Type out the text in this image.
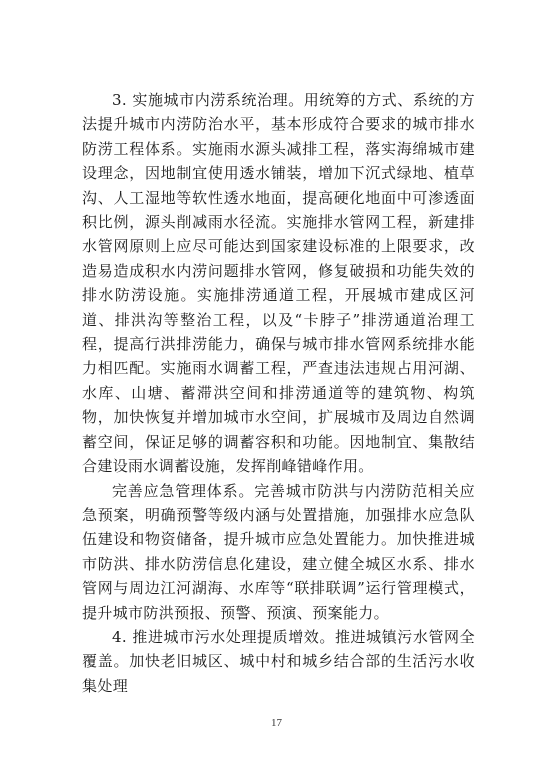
3. 实施城市内涝系统治理。用统筹的方式、系统的方法提升城市内涝防治水平，基本形成符合要求的城市排水防涝工程体系。实施雨水源头减排工程，落实海绵城市建设理念，因地制宜使用透水铺装，增加下沉式绿地、植草沟、人工湿地等软性透水地面，提高硬化地面中可渗透面积比例，源头削减雨水径流。实施排水管网工程，新建排水管网原则上应尽可能达到国家建设标准的上限要求，改造易造成积水内涝问题排水管网，修复破损和功能失效的排水防涝设施。实施排涝通道工程，开展城市建成区河道、排洪沟等整治工程，以及“卡脖子”排涝通道治理工程，提高行洪排涝能力，确保与城市排水管网系统排水能力相匹配。实施雨水调蓄工程，严查违法违规占用河湖、水库、山塘、蓄滞洪空间和排涝通道等的建筑物、构筑物，加快恢复并增加城市水空间，扩展城市及周边自然调蓄空间，保证足够的调蓄容积和功能。因地制宜、集散结合建设雨水调蓄设施，发挥削峰错峰作用。

完善应急管理体系。完善城市防洪与内涝防范相关应急预案，明确预警等级内涵与处置措施，加强排水应急队伍建设和物资储备，提升城市应急处置能力。加快推进城市防洪、排水防涝信息化建设，建立健全城区水系、排水管网与周边江河湖海、水库等“联排联调”运行管理模式，提升城市防洪预报、预警、预演、预案能力。

4. 推进城市污水处理提质增效。推进城镇污水管网全覆盖。加快老旧城区、城中村和城乡结合部的生活污水收集处理

17
